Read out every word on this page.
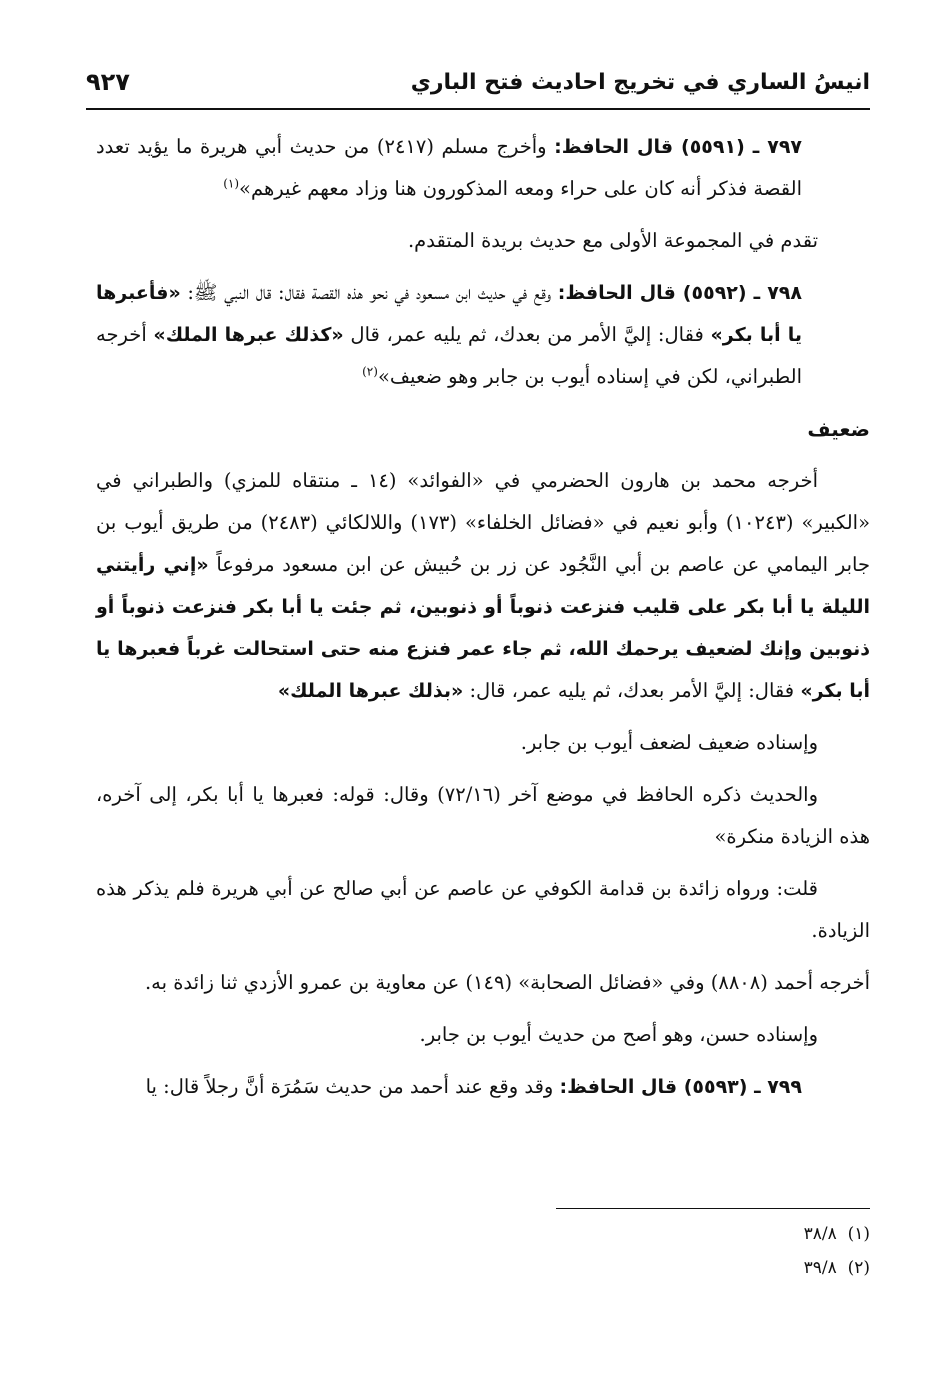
انيسُ الساري في تخريج احاديث فتح الباري
٩٢٧

٧٩٧ ـ (٥٥٩١) قال الحافظ: وأخرج مسلم (٢٤١٧) من حديث أبي هريرة ما يؤيد تعدد القصة فذكر أنه كان على حراء ومعه المذكورون هنا وزاد معهم غيرهم»$^{(١)}$

تقدم في المجموعة الأولى مع حديث بريدة المتقدم.

٧٩٨ ـ (٥٥٩٢) قال الحافظ: وقع في حديث ابن مسعود في نحو هذه القصة فقال: قال النبي ﷺ: «فأعبرها يا أبا بكر» فقال: إليَّ الأمر من بعدك، ثم يليه عمر، قال «كذلك عبرها الملك» أخرجه الطبراني، لكن في إسناده أيوب بن جابر وهو ضعيف»$^{(٢)}$

ضعيف

أخرجه محمد بن هارون الحضرمي في «الفوائد» (١٤ ـ منتقاه للمزي) والطبراني في «الكبير» (١٠٢٤٣) وأبو نعيم في «فضائل الخلفاء» (١٧٣) واللالكائي (٢٤٨٣) من طريق أيوب بن جابر اليمامي عن عاصم بن أبي النَّجُود عن زر بن حُبيش عن ابن مسعود مرفوعاً «إني رأيتني الليلة يا أبا بكر على قليب فنزعت ذنوباً أو ذنوبين، ثم جئت يا أبا بكر فنزعت ذنوباً أو ذنوبين وإنك لضعيف يرحمك الله، ثم جاء عمر فنزع منه حتى استحالت غرباً فعبرها يا أبا بكر» فقال: إليَّ الأمر بعدك، ثم يليه عمر، قال: «بذلك عبرها الملك»

وإسناده ضعيف لضعف أيوب بن جابر.

والحديث ذكره الحافظ في موضع آخر (٧٢/١٦) وقال: قوله: فعبرها يا أبا بكر، إلى آخره، هذه الزيادة منكرة»

قلت: ورواه زائدة بن قدامة الكوفي عن عاصم عن أبي صالح عن أبي هريرة فلم يذكر هذه الزيادة.

أخرجه أحمد (٨٨٠٨) وفي «فضائل الصحابة» (١٤٩) عن معاوية بن عمرو الأزدي ثنا زائدة به.

وإسناده حسن، وهو أصح من حديث أيوب بن جابر.

٧٩٩ ـ (٥٥٩٣) قال الحافظ: وقد وقع عند أحمد من حديث سَمُرَة أنَّ رجلاً قال: يا

(١)  ٣٨/٨
(٢)  ٣٩/٨
